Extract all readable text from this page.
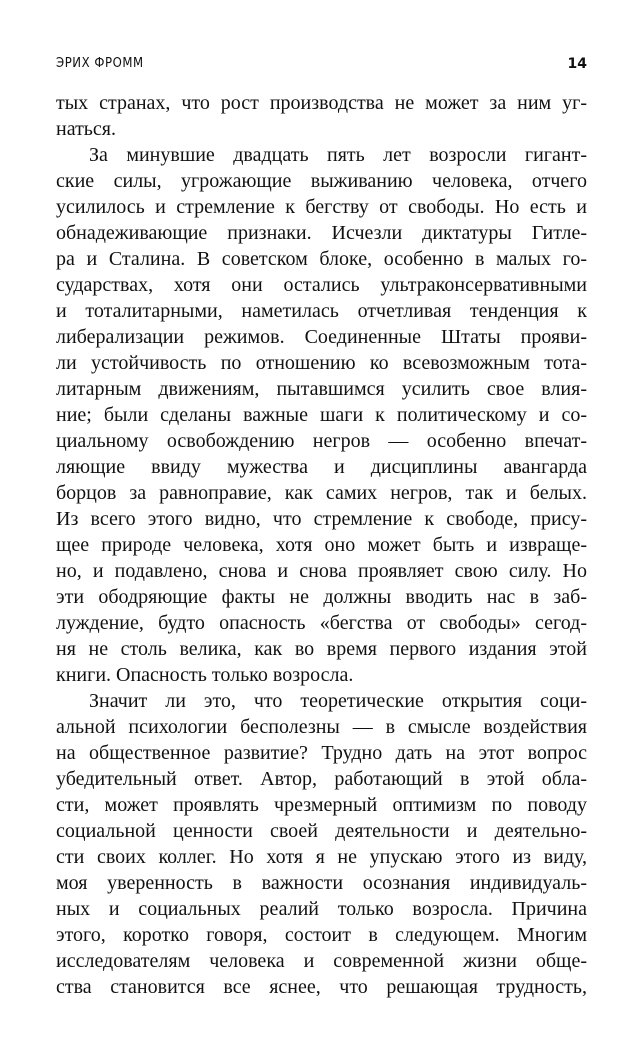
ЭРИХ ФРОММ	14
тых странах, что рост производства не может за ним уг-
наться.
За минувшие двадцать пять лет возросли гигант-
ские силы, угрожающие выживанию человека, отчего
усилилось и стремление к бегству от свободы. Но есть и
обнадеживающие признаки. Исчезли диктатуры Гитле-
ра и Сталина. В советском блоке, особенно в малых го-
сударствах, хотя они остались ультраконсервативными
и тоталитарными, наметилась отчетливая тенденция к
либерализации режимов. Соединенные Штаты прояви-
ли устойчивость по отношению ко всевозможным тота-
литарным движениям, пытавшимся усилить свое влия-
ние; были сделаны важные шаги к политическому и со-
циальному освобождению негров — особенно впечат-
ляющие ввиду мужества и дисциплины авангарда
борцов за равноправие, как самих негров, так и белых.
Из всего этого видно, что стремление к свободе, прису-
щее природе человека, хотя оно может быть и извраще-
но, и подавлено, снова и снова проявляет свою силу. Но
эти ободряющие факты не должны вводить нас в заб-
луждение, будто опасность «бегства от свободы» сегод-
ня не столь велика, как во время первого издания этой
книги. Опасность только возросла.
Значит ли это, что теоретические открытия соци-
альной психологии бесполезны — в смысле воздействия
на общественное развитие? Трудно дать на этот вопрос
убедительный ответ. Автор, работающий в этой обла-
сти, может проявлять чрезмерный оптимизм по поводу
социальной ценности своей деятельности и деятельно-
сти своих коллег. Но хотя я не упускаю этого из виду,
моя уверенность в важности осознания индивидуаль-
ных и социальных реалий только возросла. Причина
этого, коротко говоря, состоит в следующем. Многим
исследователям человека и современной жизни обще-
ства становится все яснее, что решающая трудность,
